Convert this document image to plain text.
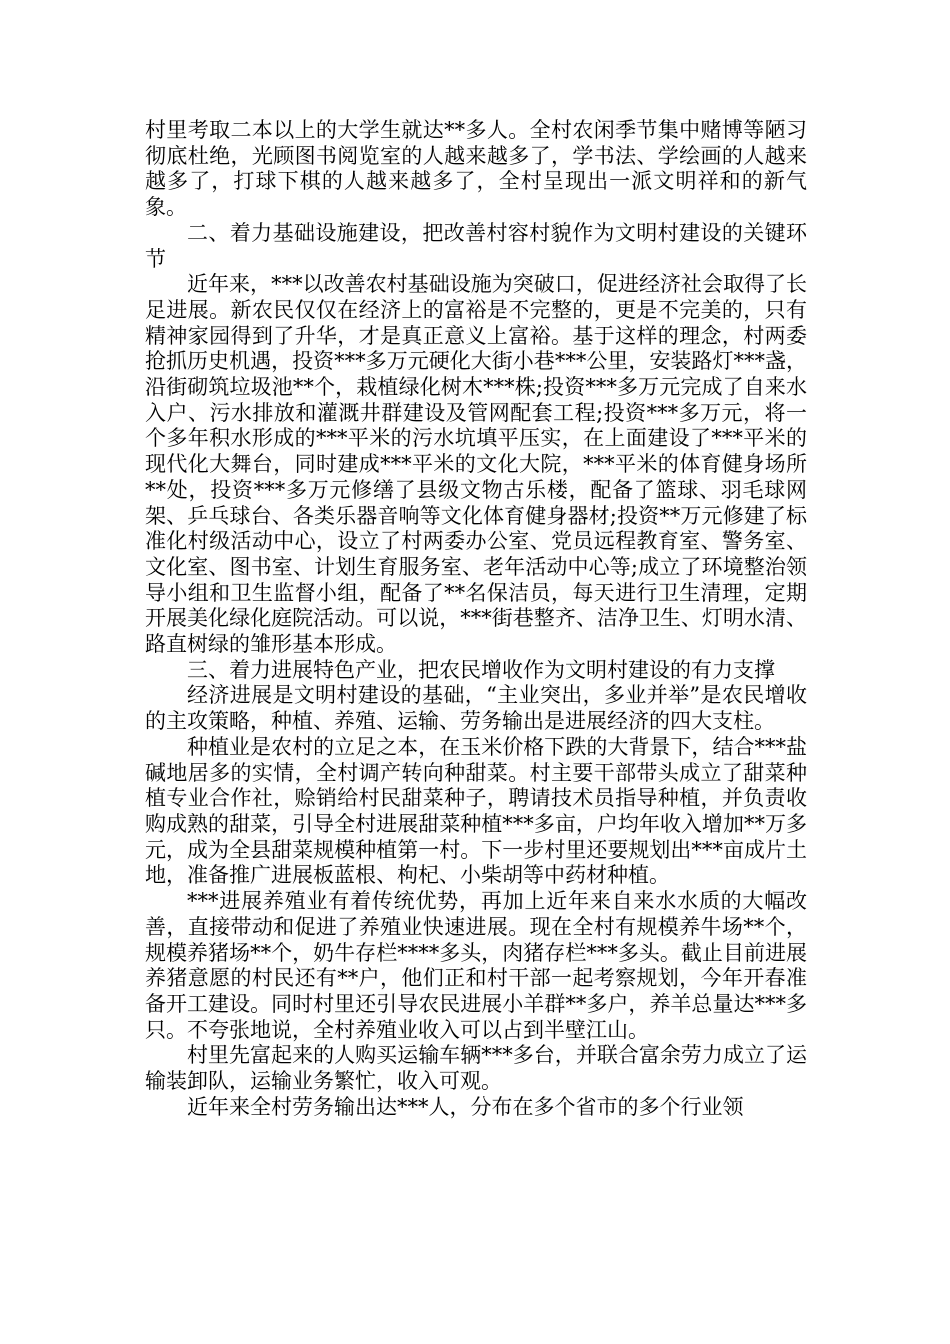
村里考取二本以上的大学生就达**多人。全村农闲季节集中赌博等陋习彻底杜绝，光顾图书阅览室的人越来越多了，学书法、学绘画的人越来越多了，打球下棋的人越来越多了，全村呈现出一派文明祥和的新气象。

二、着力基础设施建设，把改善村容村貌作为文明村建设的关键环节

近年来，***以改善农村基础设施为突破口，促进经济社会取得了长足进展。新农民仅仅在经济上的富裕是不完整的，更是不完美的，只有精神家园得到了升华，才是真正意义上富裕。基于这样的理念，村两委抢抓历史机遇，投资***多万元硬化大街小巷***公里，安装路灯***盏，沿街砌筑垃圾池**个，栽植绿化树木***株;投资***多万元完成了自来水入户、污水排放和灌溉井群建设及管网配套工程;投资***多万元，将一个多年积水形成的***平米的污水坑填平压实，在上面建设了***平米的现代化大舞台，同时建成***平米的文化大院，***平米的体育健身场所**处，投资***多万元修缮了县级文物古乐楼，配备了篮球、羽毛球网架、乒乓球台、各类乐器音响等文化体育健身器材;投资**万元修建了标准化村级活动中心，设立了村两委办公室、党员远程教育室、警务室、文化室、图书室、计划生育服务室、老年活动中心等;成立了环境整治领导小组和卫生监督小组，配备了**名保洁员，每天进行卫生清理，定期开展美化绿化庭院活动。可以说，***街巷整齐、洁净卫生、灯明水清、路直树绿的雏形基本形成。

三、着力进展特色产业，把农民增收作为文明村建设的有力支撑

经济进展是文明村建设的基础，“主业突出，多业并举”是农民增收的主攻策略，种植、养殖、运输、劳务输出是进展经济的四大支柱。

种植业是农村的立足之本，在玉米价格下跌的大背景下，结合***盐碱地居多的实情，全村调产转向种甜菜。村主要干部带头成立了甜菜种植专业合作社，赊销给村民甜菜种子，聘请技术员指导种植，并负责收购成熟的甜菜，引导全村进展甜菜种植***多亩，户均年收入增加**万多元，成为全县甜菜规模种植第一村。下一步村里还要规划出***亩成片土地，准备推广进展板蓝根、枸杞、小柴胡等中药材种植。

***进展养殖业有着传统优势，再加上近年来自来水水质的大幅改善，直接带动和促进了养殖业快速进展。现在全村有规模养牛场**个，规模养猪场**个，奶牛存栏****多头，肉猪存栏***多头。截止目前进展养猪意愿的村民还有**户，他们正和村干部一起考察规划，今年开春准备开工建设。同时村里还引导农民进展小羊群**多户，养羊总量达***多只。不夸张地说，全村养殖业收入可以占到半壁江山。

村里先富起来的人购买运输车辆***多台，并联合富余劳力成立了运输装卸队，运输业务繁忙，收入可观。

近年来全村劳务输出达***人，分布在多个省市的多个行业领
